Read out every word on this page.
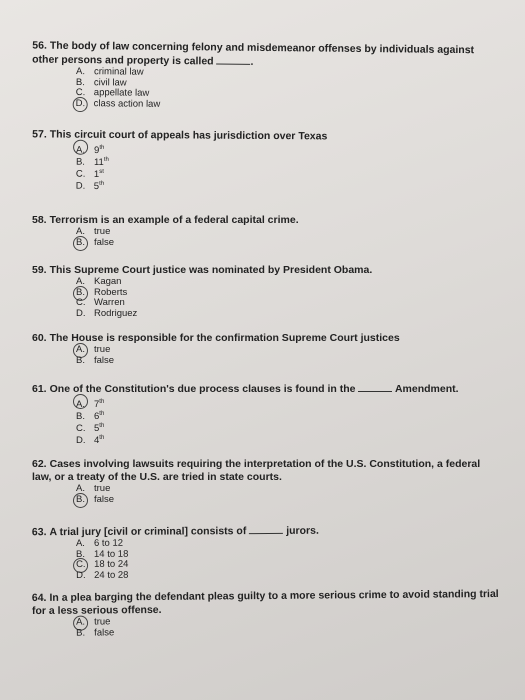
56. The body of law concerning felony and misdemeanor offenses by individuals against other persons and property is called	.
A. criminal law
B. civil law
C. appellate law
D. class action law
57. This circuit court of appeals has jurisdiction over Texas
A. 9th
B. 11th
C. 1st
D. 5th
58. Terrorism is an example of a federal capital crime.
A. true
B. false
59. This Supreme Court justice was nominated by President Obama.
A. Kagan
B. Roberts
C. Warren
D. Rodriguez
60. The House is responsible for the confirmation Supreme Court justices
A. true
B. false
61. One of the Constitution's due process clauses is found in the	Amendment.
A. 7th
B. 6th
C. 5th
D. 4th
62. Cases involving lawsuits requiring the interpretation of the U.S. Constitution, a federal law, or a treaty of the U.S. are tried in state courts.
A. true
B. false
63. A trial jury [civil or criminal] consists of	jurors.
A. 6 to 12
B. 14 to 18
C. 18 to 24
D. 24 to 28
64. In a plea barging the defendant pleas guilty to a more serious crime to avoid standing trial for a less serious offense.
A. true
B. false
